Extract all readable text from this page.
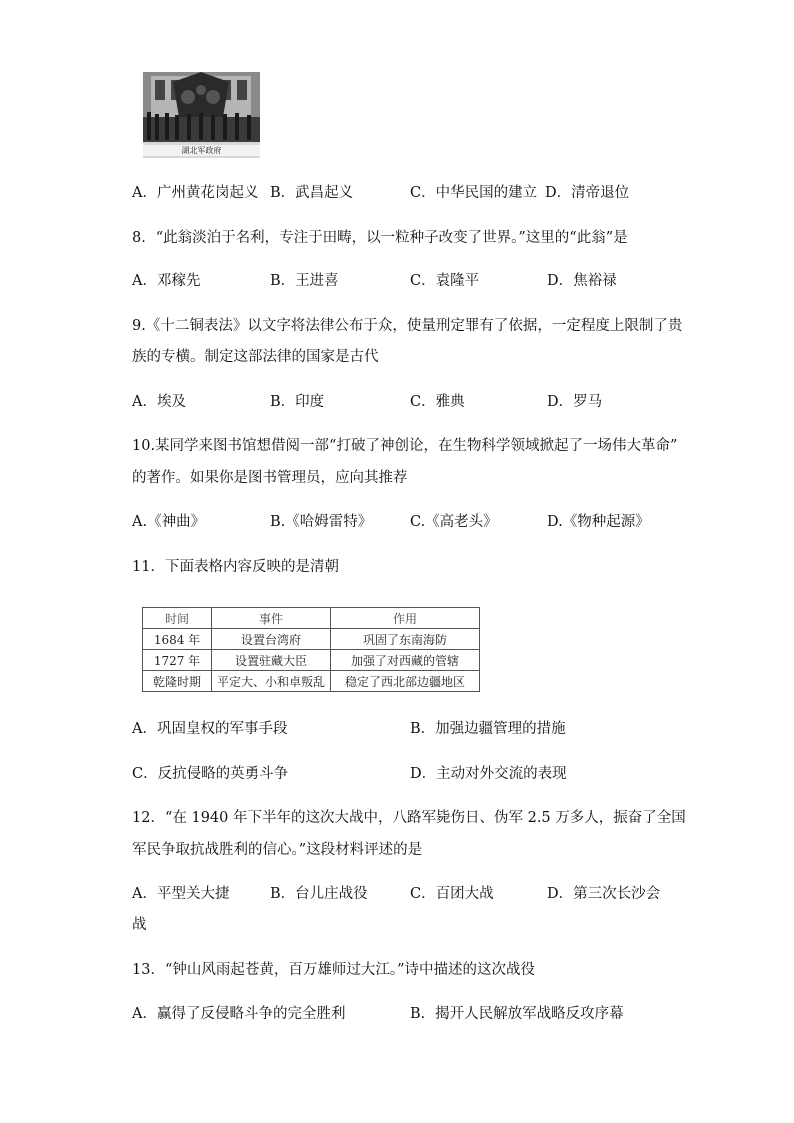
湖北军政府
A．广州黄花岗起义 B．武昌起义	C．中华民国的建立 D．清帝退位
8．“此翁淡泊于名利，专注于田畴，以一粒种子改变了世界。”这里的“此翁”是
A．邓稼先	B．王进喜	C．袁隆平	D．焦裕禄
9.《十二铜表法》以文字将法律公布于众，使量刑定罪有了依据，一定程度上限制了贵
族的专横。制定这部法律的国家是古代
A．埃及	B．印度	C．雅典	D．罗马
10.某同学来图书馆想借阅一部“打破了神创论，在生物科学领域掀起了一场伟大革命”
的著作。如果你是图书管理员，应向其推荐
A.《神曲》	B.《哈姆雷特》	C.《高老头》	D.《物种起源》
11．下面表格内容反映的是清朝
时间	事件	作用
1684 年	设置台湾府	巩固了东南海防
1727 年	设置驻藏大臣	加强了对西藏的管辖
乾隆时期	平定大、小和卓叛乱	稳定了西北部边疆地区
A．巩固皇权的军事手段	B．加强边疆管理的措施
C．反抗侵略的英勇斗争	D．主动对外交流的表现
12．“在 1940 年下半年的这次大战中，八路军毙伤日、伪军 2.5 万多人，振奋了全国
军民争取抗战胜利的信心。”这段材料评述的是
A．平型关大捷	B．台儿庄战役	C．百团大战	D．第三次长沙会
战
13．“钟山风雨起苍黄，百万雄师过大江。”诗中描述的这次战役
A．赢得了反侵略斗争的完全胜利	B．揭开人民解放军战略反攻序幕
